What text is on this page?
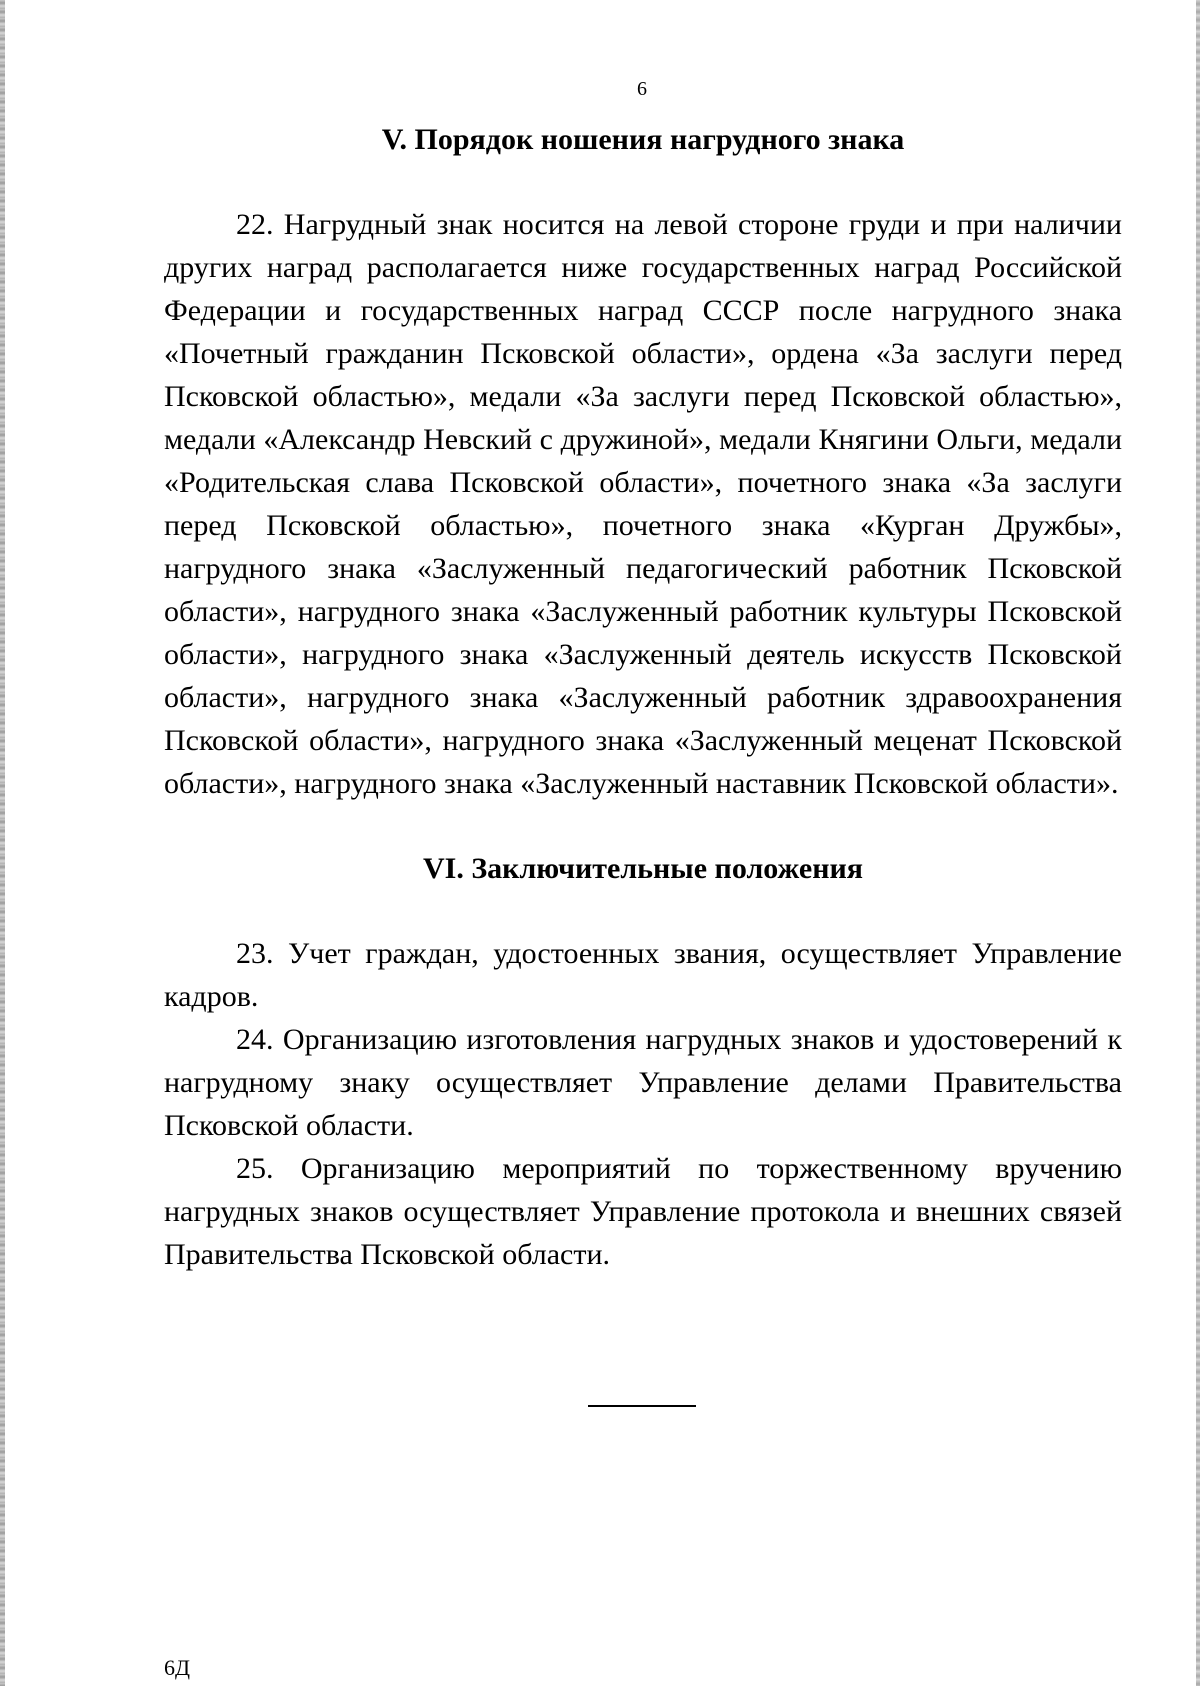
6
V. Порядок ношения нагрудного знака

22. Нагрудный знак носится на левой стороне груди и при наличии других наград располагается ниже государственных наград Российской Федерации и государственных наград СССР после нагрудного знака «Почетный гражданин Псковской области», ордена «За заслуги перед Псковской областью», медали «За заслуги перед Псковской областью», медали «Александр Невский с дружиной», медали Княгини Ольги, медали «Родительская слава Псковской области», почетного знака «За заслуги перед Псковской областью», почетного знака «Курган Дружбы», нагрудного знака «Заслуженный педагогический работник Псковской области», нагрудного знака «Заслуженный работник культуры Псковской области», нагрудного знака «Заслуженный деятель искусств Псковской области», нагрудного знака «Заслуженный работник здравоохранения Псковской области», нагрудного знака «Заслуженный меценат Псковской области», нагрудного знака «Заслуженный наставник Псковской области».

VI. Заключительные положения

23. Учет граждан, удостоенных звания, осуществляет Управление кадров.

24. Организацию изготовления нагрудных знаков и удостоверений к нагрудному знаку осуществляет Управление делами Правительства Псковской области.

25. Организацию мероприятий по торжественному вручению нагрудных знаков осуществляет Управление протокола и внешних связей Правительства Псковской области.

6Д
